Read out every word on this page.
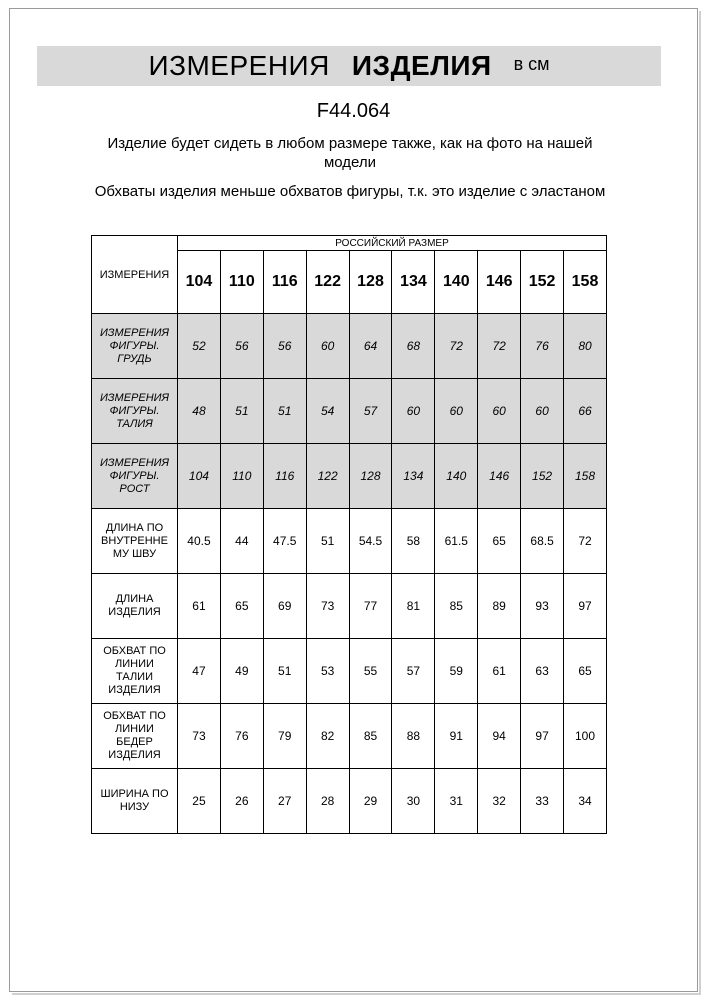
ИЗМЕРЕНИЯ ИЗДЕЛИЯ в см
F44.064
Изделие будет сидеть в любом размере также, как на фото на нашей модели
Обхваты изделия меньше обхватов фигуры, т.к. это изделие с эластаном
ИЗМЕРЕНИЯ	РОССИЙСКИЙ РАЗМЕР									
	104	110	116	122	128	134	140	146	152	158

ИЗМЕРЕНИЯ
ФИГУРЫ.
ГРУДЬ	52	56	56	60	64	68	72	72	76	80

ИЗМЕРЕНИЯ
ФИГУРЫ.
ТАЛИЯ	48	51	51	54	57	60	60	60	60	66

ИЗМЕРЕНИЯ
ФИГУРЫ.
РОСТ	104	110	116	122	128	134	140	146	152	158

ДЛИНА ПО
ВНУТРЕННЕ
МУ ШВУ	40.5	44	47.5	51	54.5	58	61.5	65	68.5	72

ДЛИНА
ИЗДЕЛИЯ	61	65	69	73	77	81	85	89	93	97

ОБХВАТ ПО
ЛИНИИ
ТАЛИИ
ИЗДЕЛИЯ	47	49	51	53	55	57	59	61	63	65

ОБХВАТ ПО
ЛИНИИ
БЕДЕР
ИЗДЕЛИЯ	73	76	79	82	85	88	91	94	97	100

ШИРИНА ПО
НИЗУ	25	26	27	28	29	30	31	32	33	34
